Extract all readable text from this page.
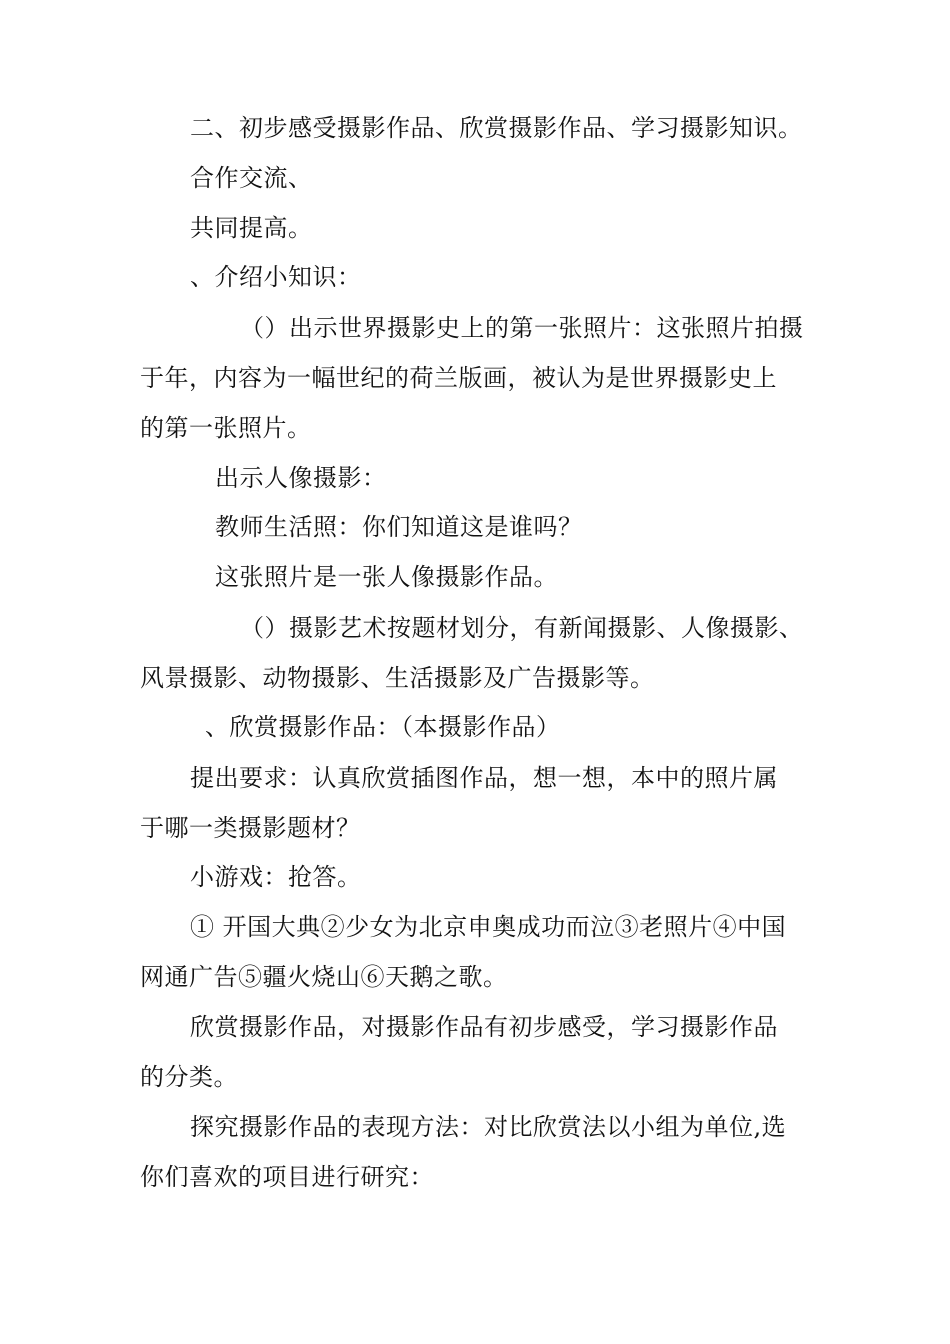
二、初步感受摄影作品、欣赏摄影作品、学习摄影知识。
合作交流、
共同提高。
、介绍小知识：
（）出示世界摄影史上的第一张照片：这张照片拍摄
于年，内容为一幅世纪的荷兰版画，被认为是世界摄影史上
的第一张照片。
出示人像摄影：
教师生活照：你们知道这是谁吗？
这张照片是一张人像摄影作品。
（）摄影艺术按题材划分，有新闻摄影、人像摄影、
风景摄影、动物摄影、生活摄影及广告摄影等。
、欣赏摄影作品：（本摄影作品）
提出要求：认真欣赏插图作品，想一想，本中的照片属
于哪一类摄影题材？
小游戏：抢答。
① 开国大典②少女为北京申奥成功而泣③老照片④中国
网通广告⑤疆火烧山⑥天鹅之歌。
欣赏摄影作品，对摄影作品有初步感受，学习摄影作品
的分类。
探究摄影作品的表现方法：对比欣赏法以小组为单位,选
你们喜欢的项目进行研究：
